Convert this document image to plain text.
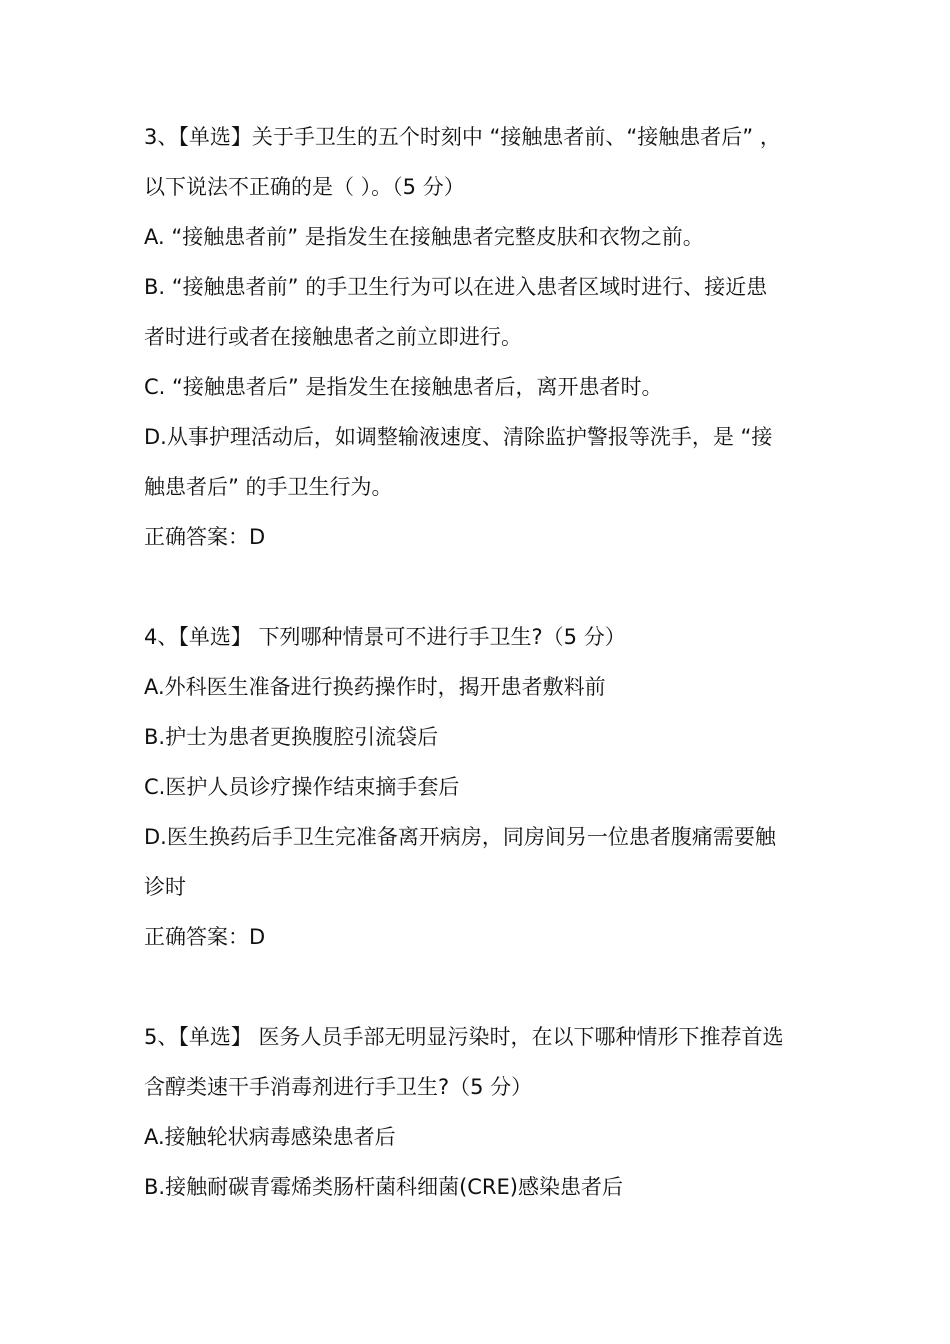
3、【单选】关于手卫生的五个时刻中 “接触患者前、“接触患者后” ，
以下说法不正确的是（ ）。（5 分）
A. “接触患者前” 是指发生在接触患者完整皮肤和衣物之前。
B. “接触患者前” 的手卫生行为可以在进入患者区域时进行、接近患
者时进行或者在接触患者之前立即进行。
C. “接触患者后” 是指发生在接触患者后，离开患者时。
D.从事护理活动后，如调整输液速度、清除监护警报等洗手，是 “接
触患者后” 的手卫生行为。
正确答案：D
4、【单选】 下列哪种情景可不进行手卫生?（5 分）
A.外科医生准备进行换药操作时，揭开患者敷料前
B.护士为患者更换腹腔引流袋后
C.医护人员诊疗操作结束摘手套后
D.医生换药后手卫生完准备离开病房，同房间另一位患者腹痛需要触
诊时
正确答案：D
5、【单选】 医务人员手部无明显污染时，在以下哪种情形下推荐首选
含醇类速干手消毒剂进行手卫生?（5 分）
A.接触轮状病毒感染患者后
B.接触耐碳青霉烯类肠杆菌科细菌(CRE)感染患者后
